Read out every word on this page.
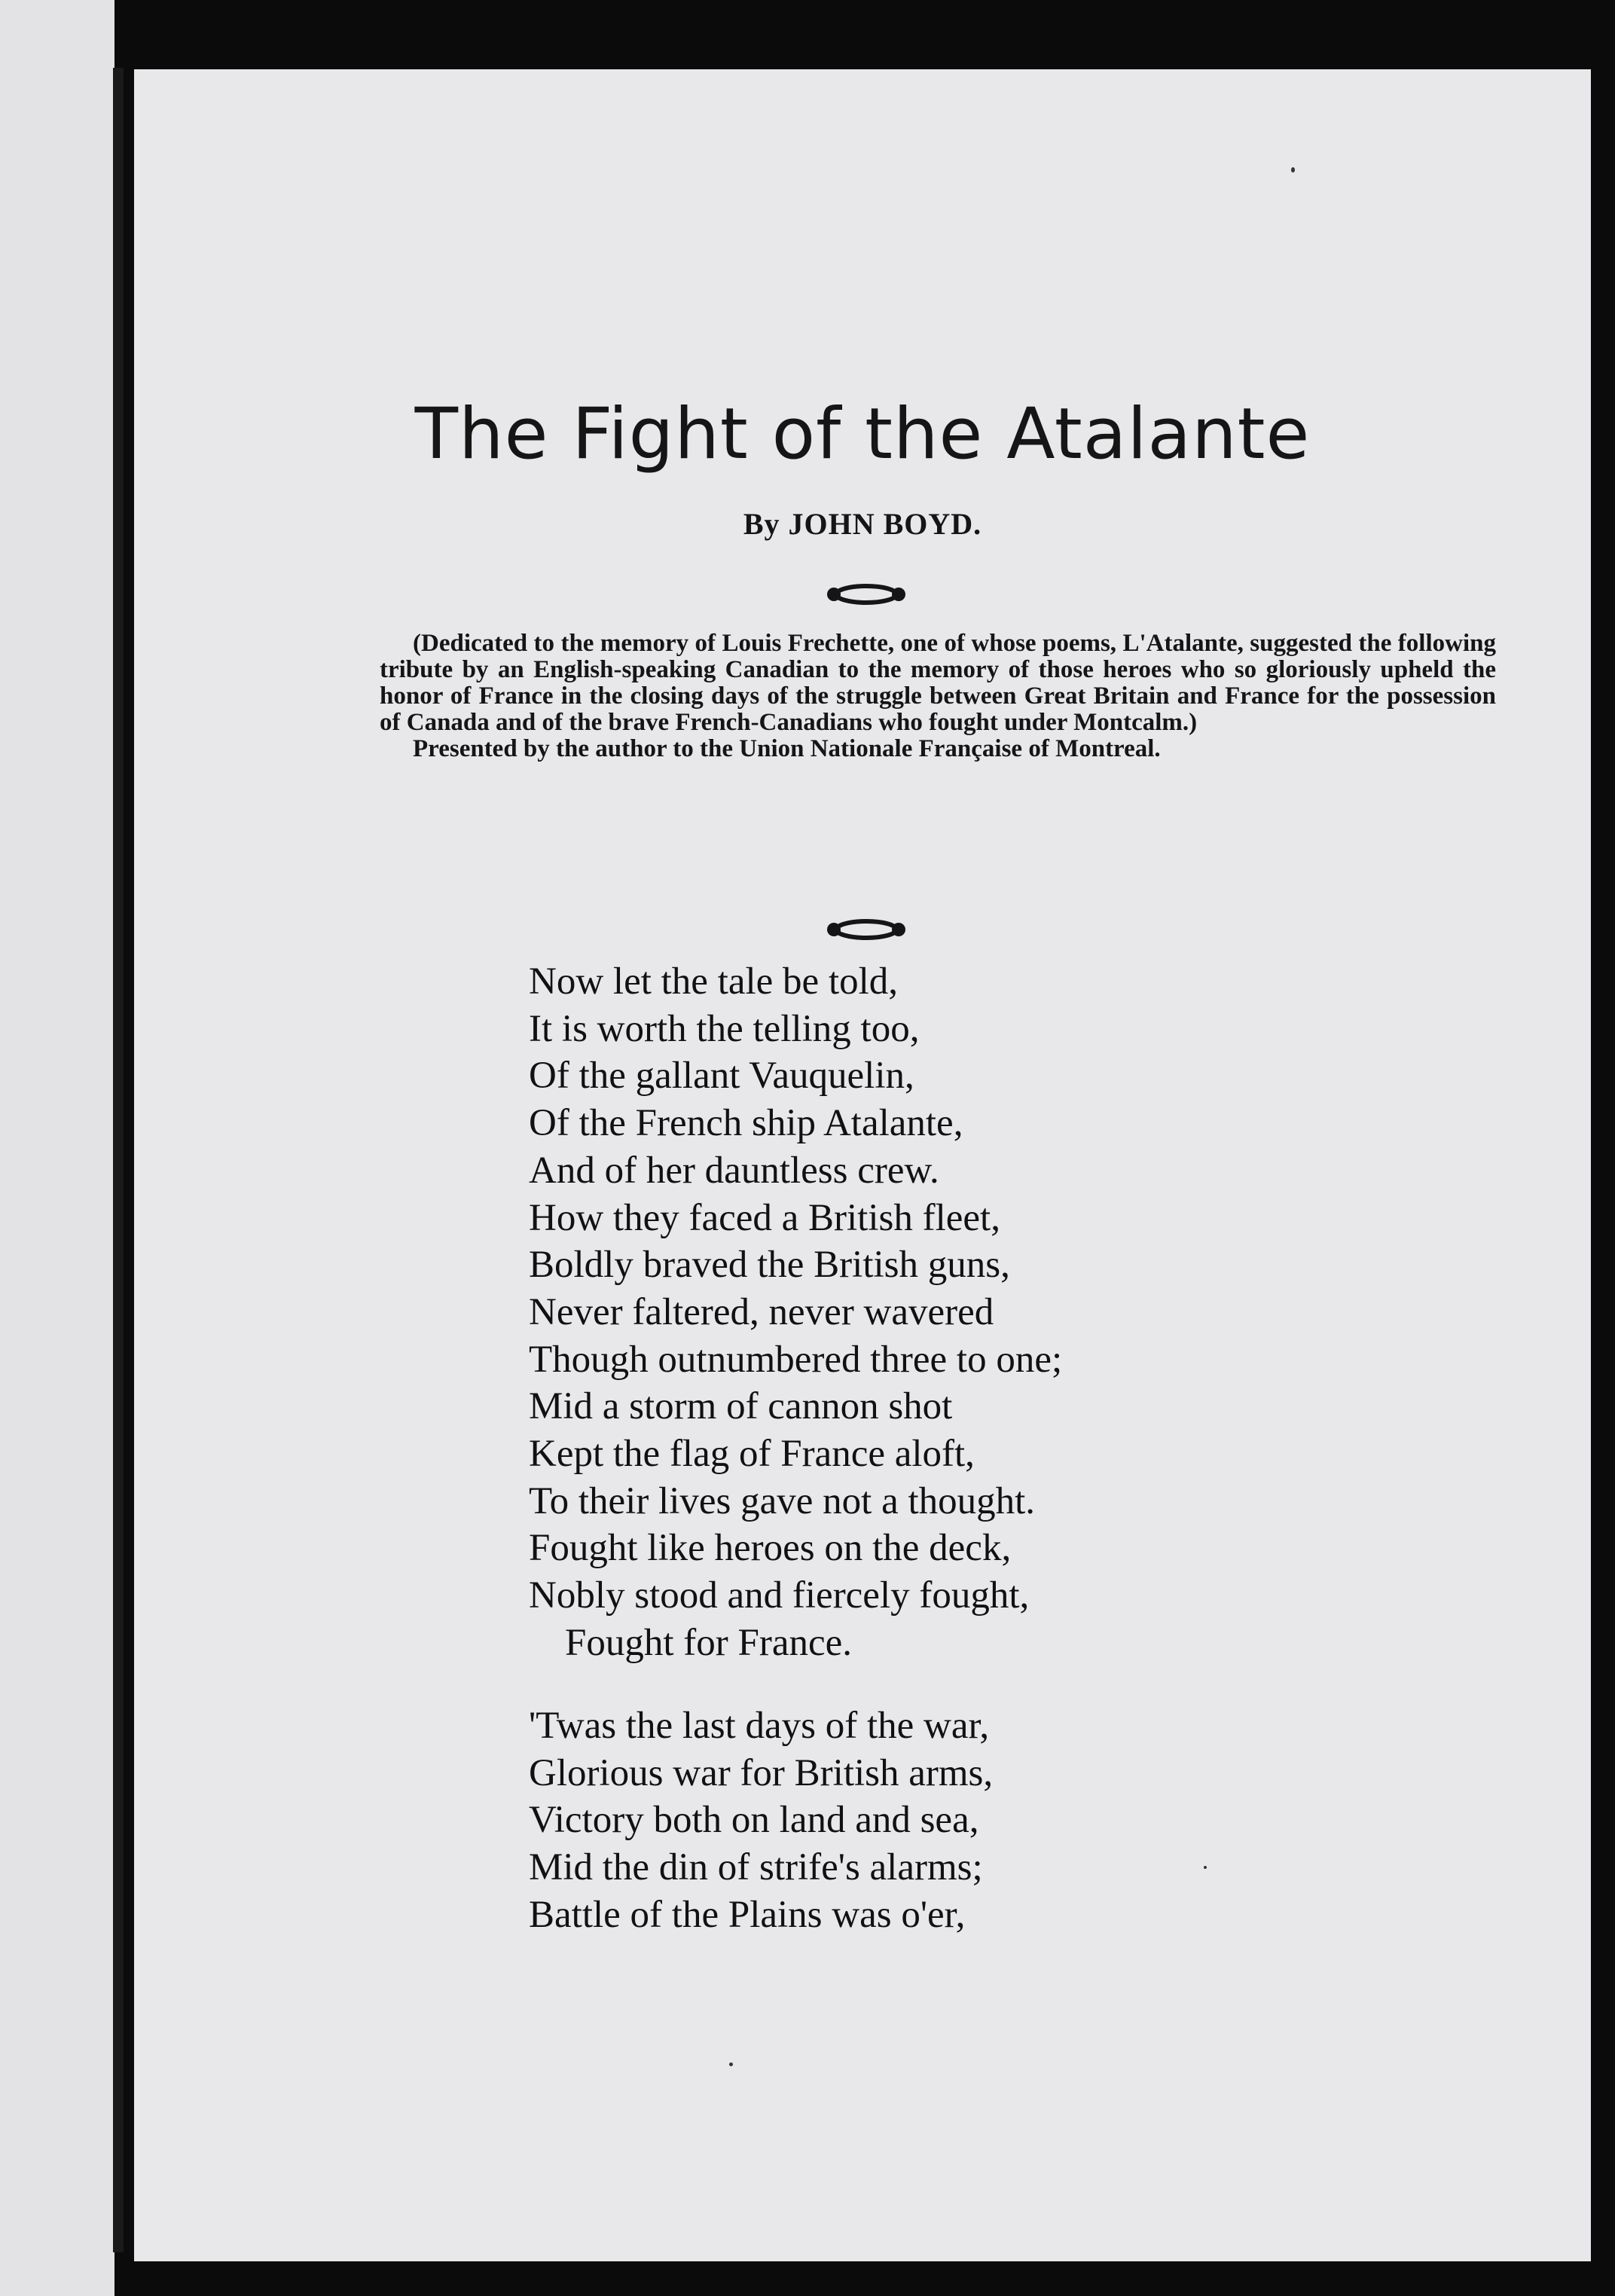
The Fight of the Atalante
By JOHN BOYD.

(Dedicated to the memory of Louis Frechette, one of whose poems, L'Atalante, suggested the following tribute by an English-speaking Canadian to the memory of those heroes who so gloriously upheld the honor of France in the closing days of the struggle between Great Britain and France for the possession of Canada and of the brave French-Canadians who fought under Montcalm.)

Presented by the author to the Union Nationale Française of Montreal.

Now let the tale be told,
It is worth the telling too,
Of the gallant Vauquelin,
Of the French ship Atalante,
And of her dauntless crew.
How they faced a British fleet,
Boldly braved the British guns,
Never faltered, never wavered
Though outnumbered three to one;
Mid a storm of cannon shot
Kept the flag of France aloft,
To their lives gave not a thought.
Fought like heroes on the deck,
Nobly stood and fiercely fought,
Fought for France.
'Twas the last days of the war,
Glorious war for British arms,
Victory both on land and sea,
Mid the din of strife's alarms;
Battle of the Plains was o'er,
